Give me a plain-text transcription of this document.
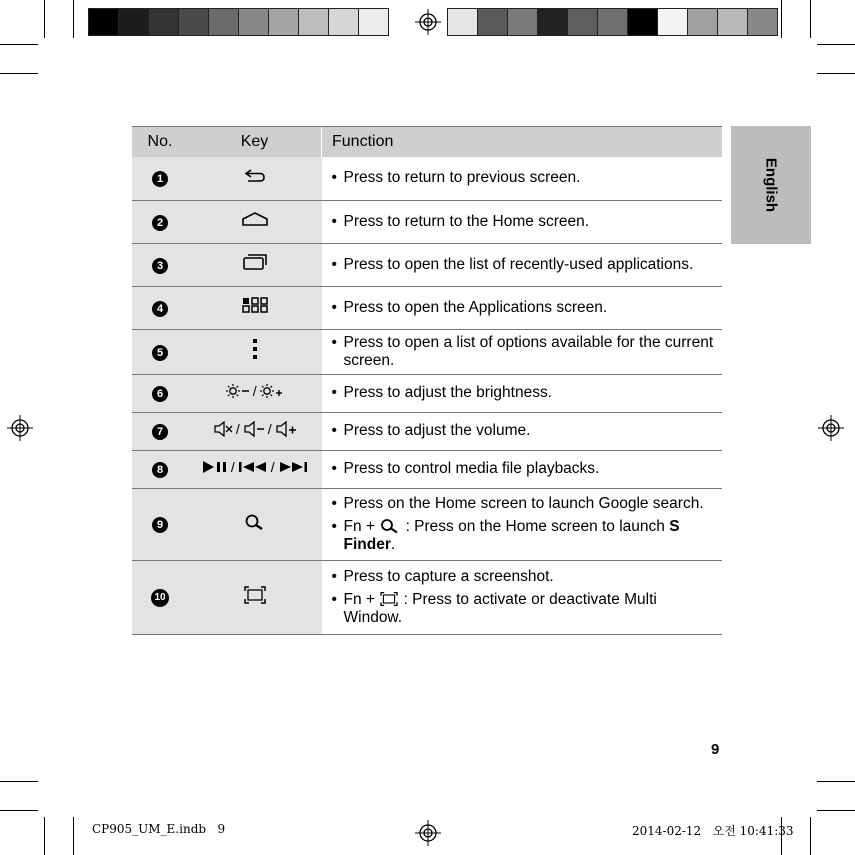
English
No.	Key	Function
1		• Press to return to previous screen.

2		• Press to return to the Home screen.

3		• Press to open the list of recently-used applications.

4		• Press to open the Applications screen.

5		• Press to open a list of options available for the current screen.

6	/	• Press to adjust the brightness.

7	/ /	• Press to adjust the volume.

8	/ /	• Press to control media file playbacks.

9		• Press on the Home screen to launch Google search.
• Fn +  : Press on the Home screen to launch S Finder.

10		• Press to capture a screenshot.
• Fn +  : Press to activate or deactivate Multi Window.
9
CP905_UM_E.indb   9	2014-02-12   오전 10:41:33
